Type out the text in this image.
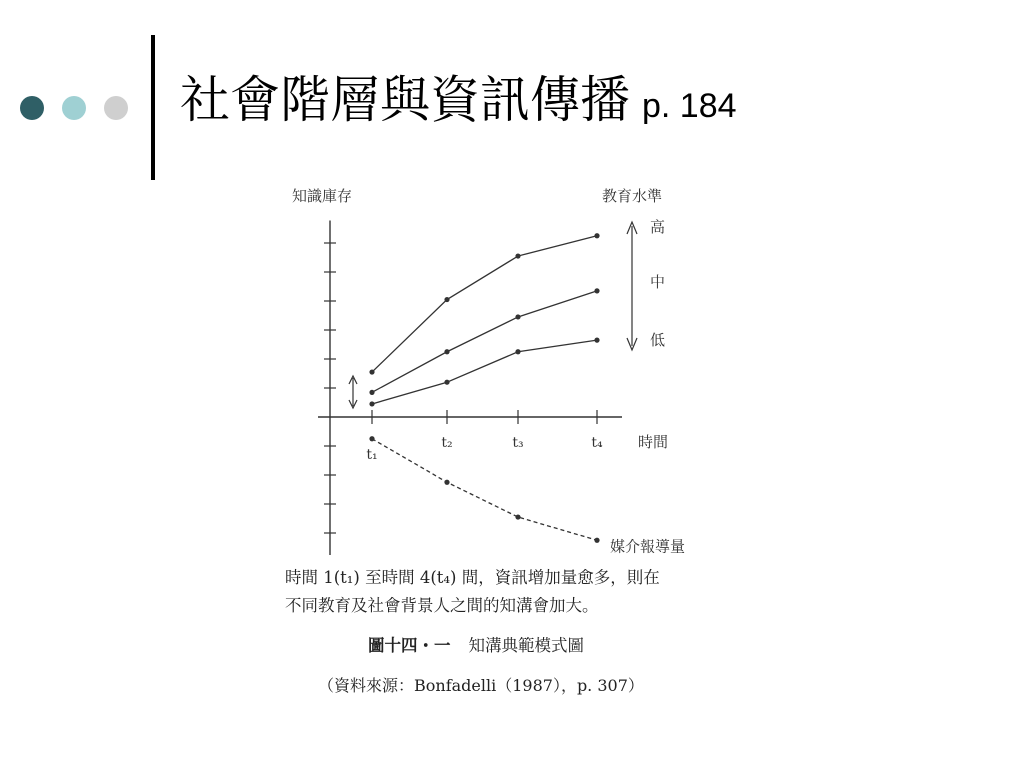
社會階層與資訊傳播 p. 184
t₁
t₂	t₃	t₄
知識庫存
時間
教育水準
高
中
低
媒介報導量
時間 1(t₁) 至時間 4(t₄) 間，資訊增加量愈多，則在
不同教育及社會背景人之間的知溝會加大。
圖十四・一 知溝典範模式圖
（資料來源：Bonfadelli（1987），p. 307）
